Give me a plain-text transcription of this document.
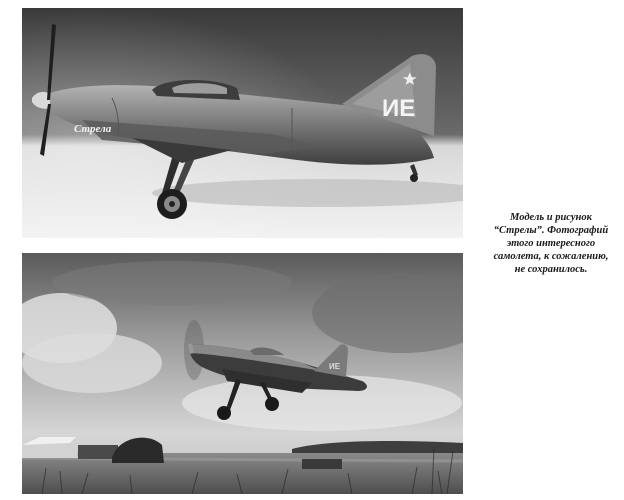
ИЕ
Стрела
ИЕ
Модель и рисунок
“Стрелы”. Фотографий
этого интересного
самолета, к сожалению,
не сохранилось.
